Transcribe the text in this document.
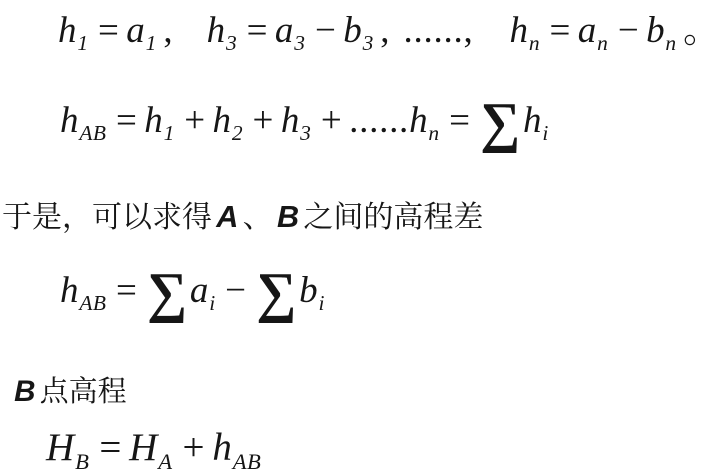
$h_1 = a_1$ , $h_3 = a_3 - b_3$ , ......, $h_n = a_n - b_n$ 。
$h_{AB} = h_1 + h_2 + h_3 + ......h_n = \sum h_i$
于是，可以求得 A 、 B 之间的高程差
$h_{AB} = \sum a_i - \sum b_i$
B 点高程
$H_B = H_A + h_{AB}$
